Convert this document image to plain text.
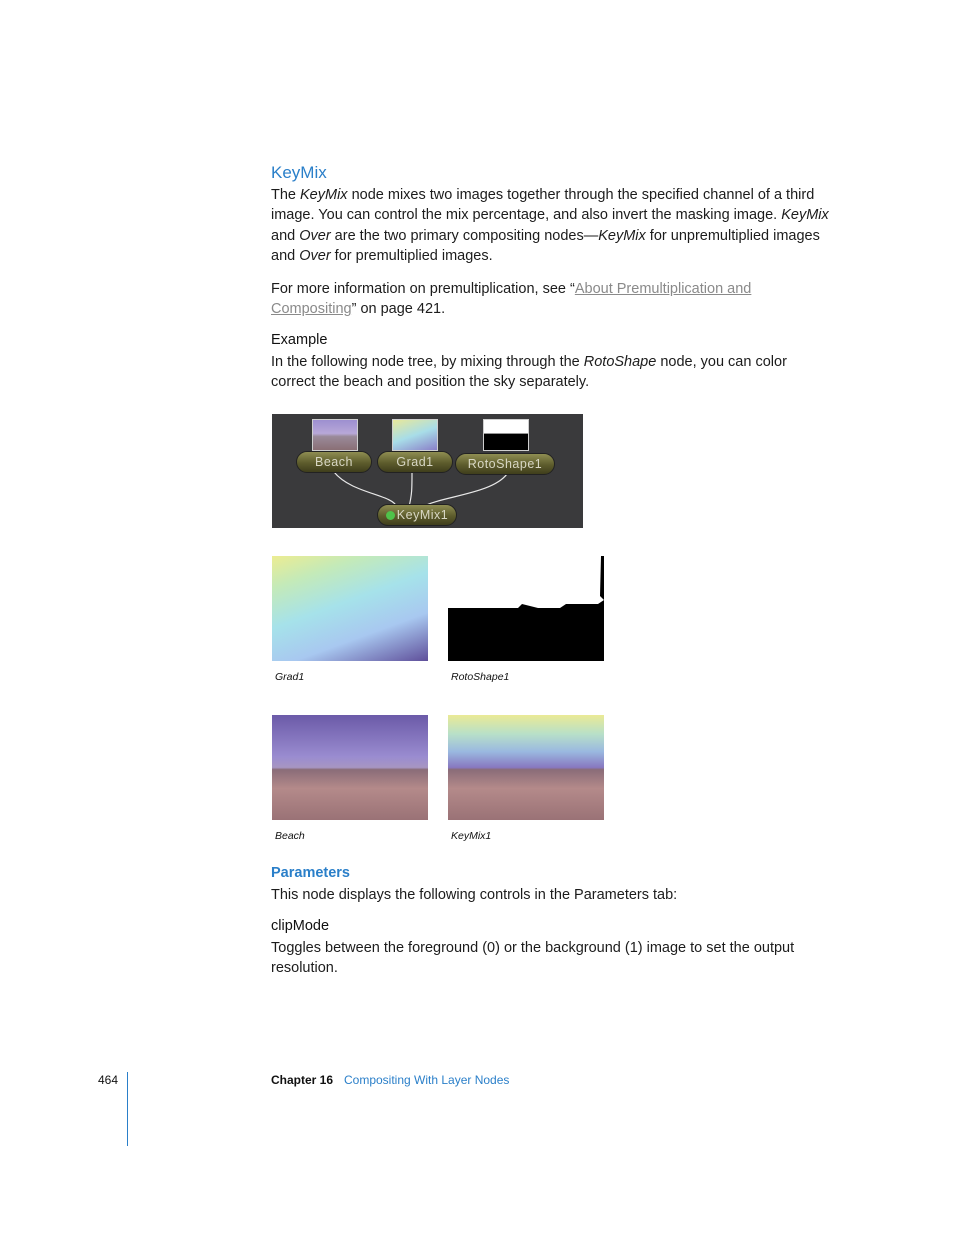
KeyMix
The KeyMix node mixes two images together through the specified channel of a third image. You can control the mix percentage, and also invert the masking image. KeyMix and Over are the two primary compositing nodes—KeyMix for unpremultiplied images and Over for premultiplied images.
For more information on premultiplication, see “About Premultiplication and Compositing” on page 421.
Example
In the following node tree, by mixing through the RotoShape node, you can color correct the beach and position the sky separately.
Beach	Grad1	RotoShape1
KeyMix1
Grad1	RotoShape1
Beach	KeyMix1
Parameters
This node displays the following controls in the Parameters tab:
clipMode
Toggles between the foreground (0) or the background (1) image to set the output resolution.
464	Chapter 16 Compositing With Layer Nodes
